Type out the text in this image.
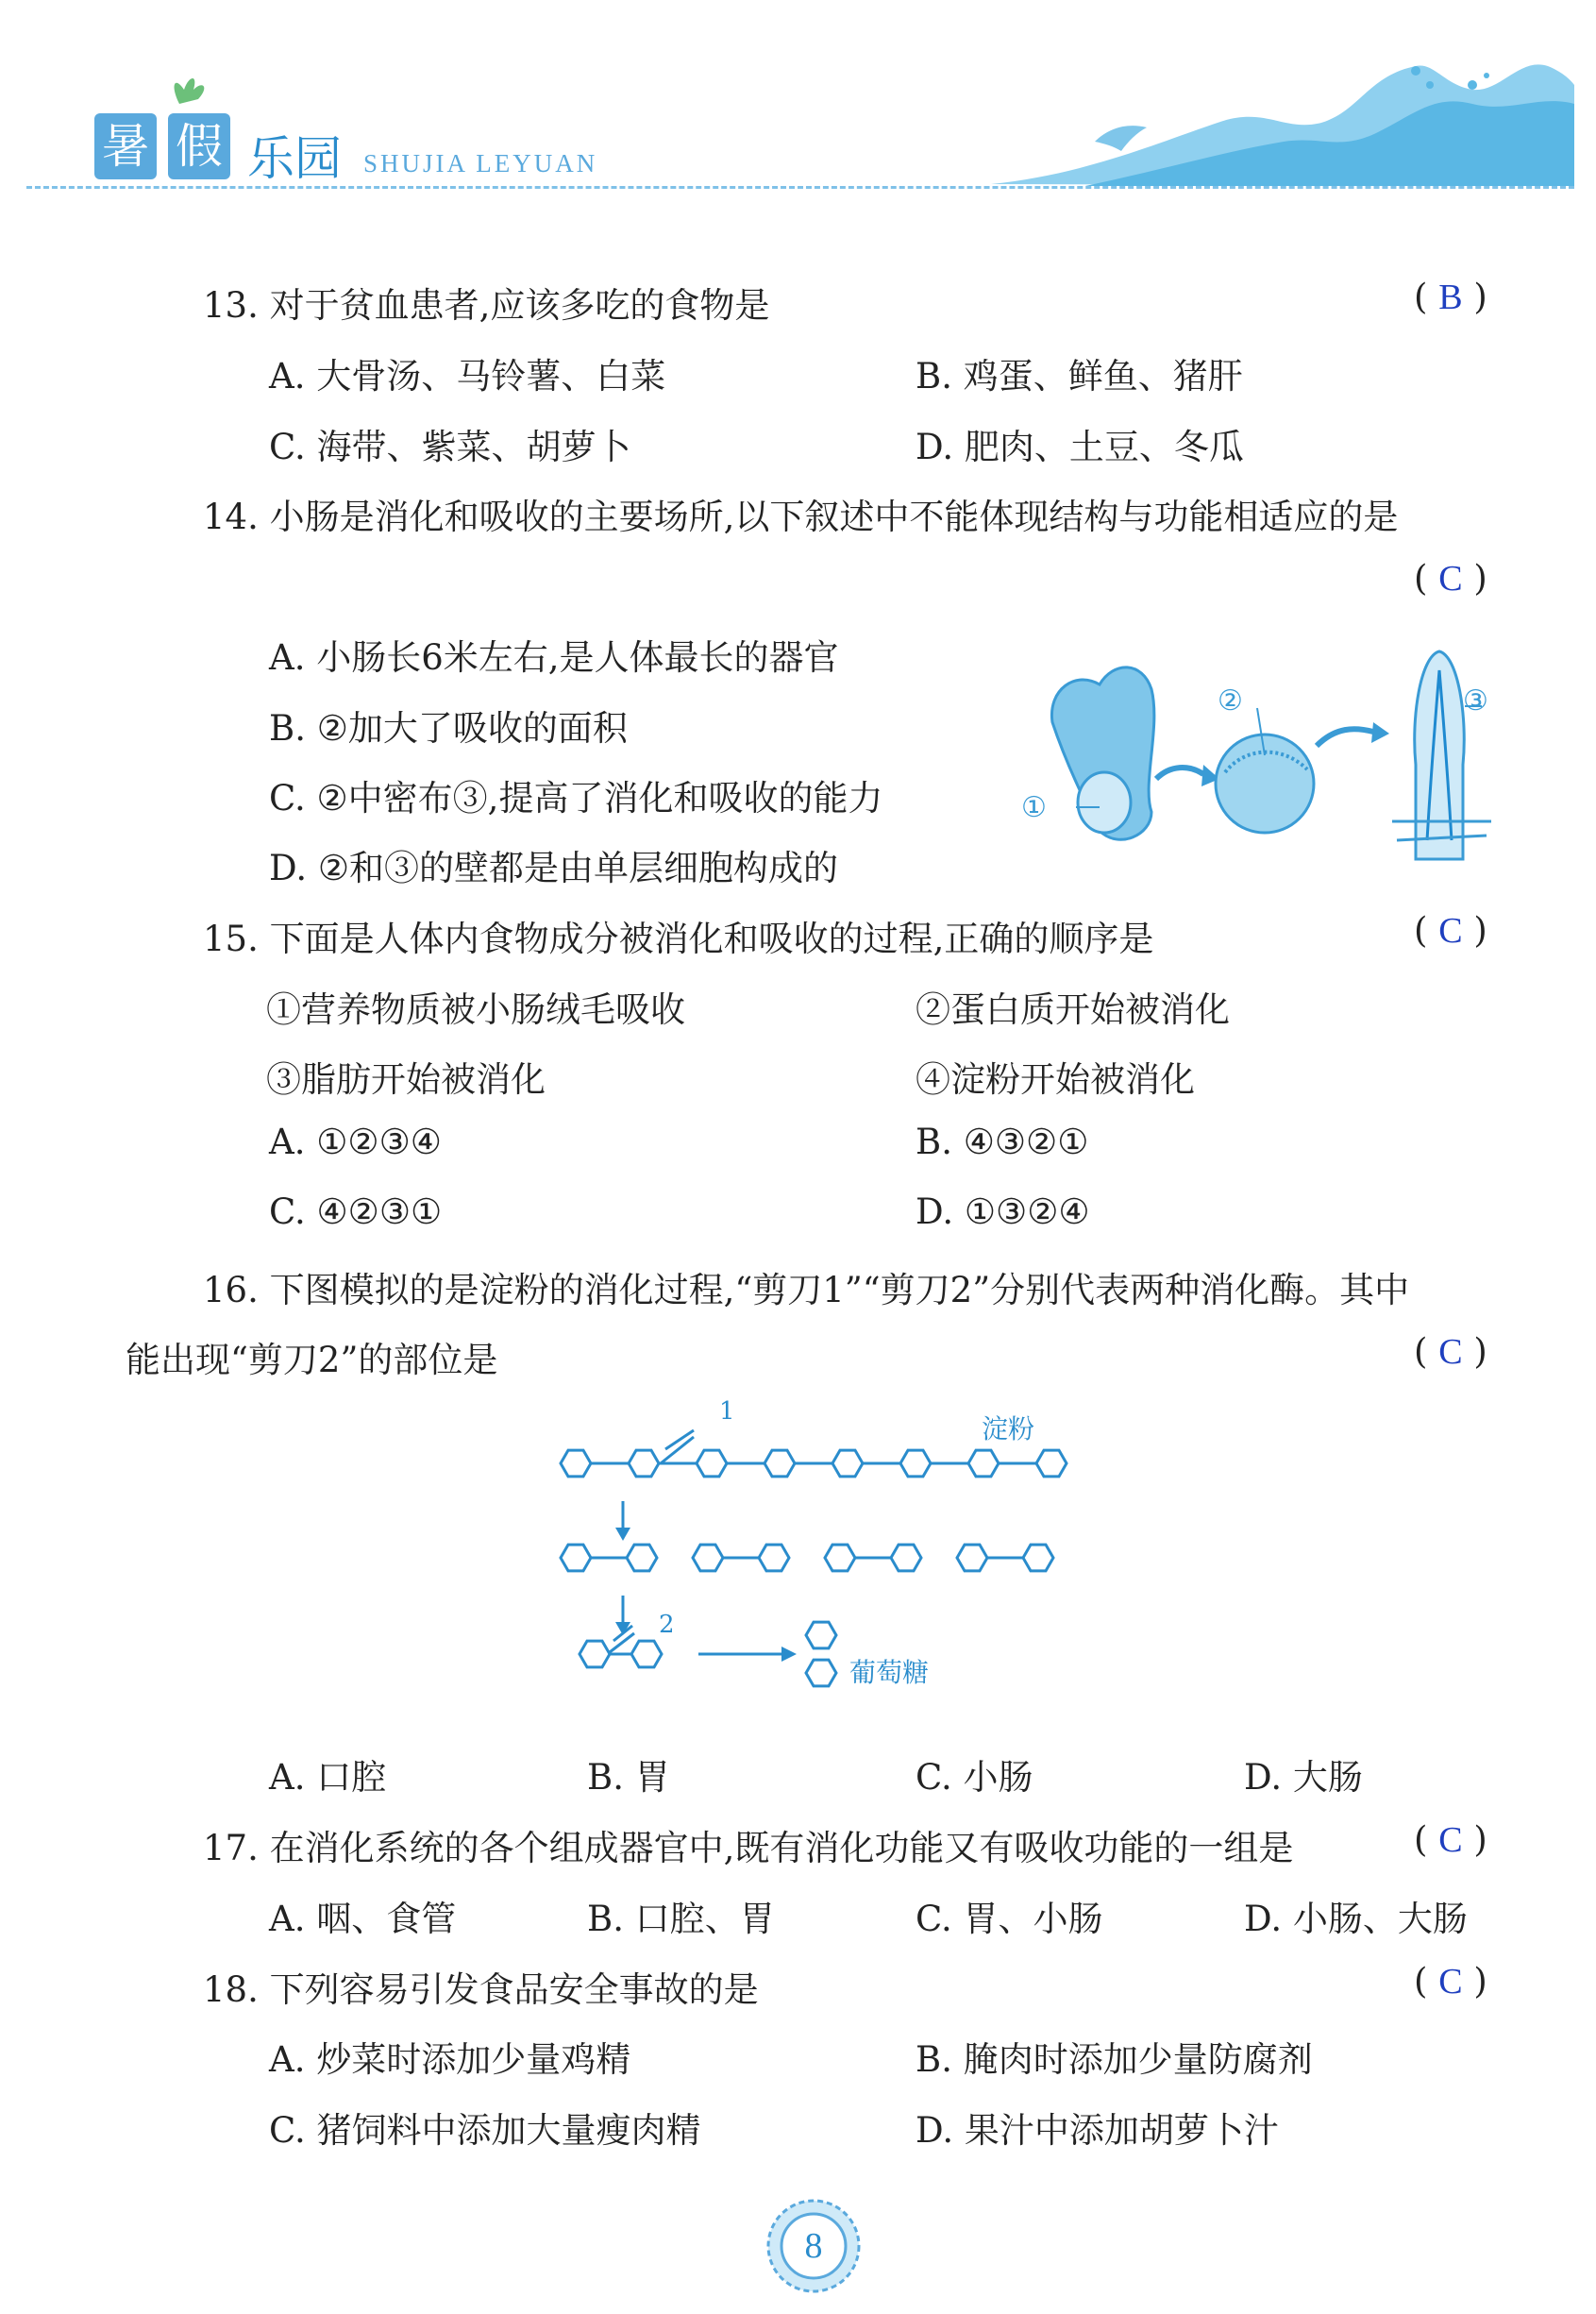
暑 假 乐园 SHUJIA LEYUAN
13. 对于贫血患者,应该多吃的食物是	( B )
A. 大骨汤、马铃薯、白菜	B. 鸡蛋、鲜鱼、猪肝
C. 海带、紫菜、胡萝卜	D. 肥肉、土豆、冬瓜
14. 小肠是消化和吸收的主要场所,以下叙述中不能体现结构与功能相适应的是
( C )
A. 小肠长6米左右,是人体最长的器官
B. ②加大了吸收的面积
C. ②中密布③,提高了消化和吸收的能力
D. ②和③的壁都是由单层细胞构成的
②	③
①
15. 下面是人体内食物成分被消化和吸收的过程,正确的顺序是	( C )
①营养物质被小肠绒毛吸收	②蛋白质开始被消化
③脂肪开始被消化	④淀粉开始被消化
A. ①②③④	B. ④③②①
C. ④②③①	D. ①③②④
16. 下图模拟的是淀粉的消化过程,“剪刀1”“剪刀2”分别代表两种消化酶。其中
能出现“剪刀2”的部位是	( C )
1
淀粉
2
葡萄糖
A. 口腔	B. 胃	C. 小肠	D. 大肠
17. 在消化系统的各个组成器官中,既有消化功能又有吸收功能的一组是	( C )
A. 咽、食管	B. 口腔、胃	C. 胃、小肠	D. 小肠、大肠
18. 下列容易引发食品安全事故的是	( C )
A. 炒菜时添加少量鸡精	B. 腌肉时添加少量防腐剂
C. 猪饲料中添加大量瘦肉精	D. 果汁中添加胡萝卜汁
8
